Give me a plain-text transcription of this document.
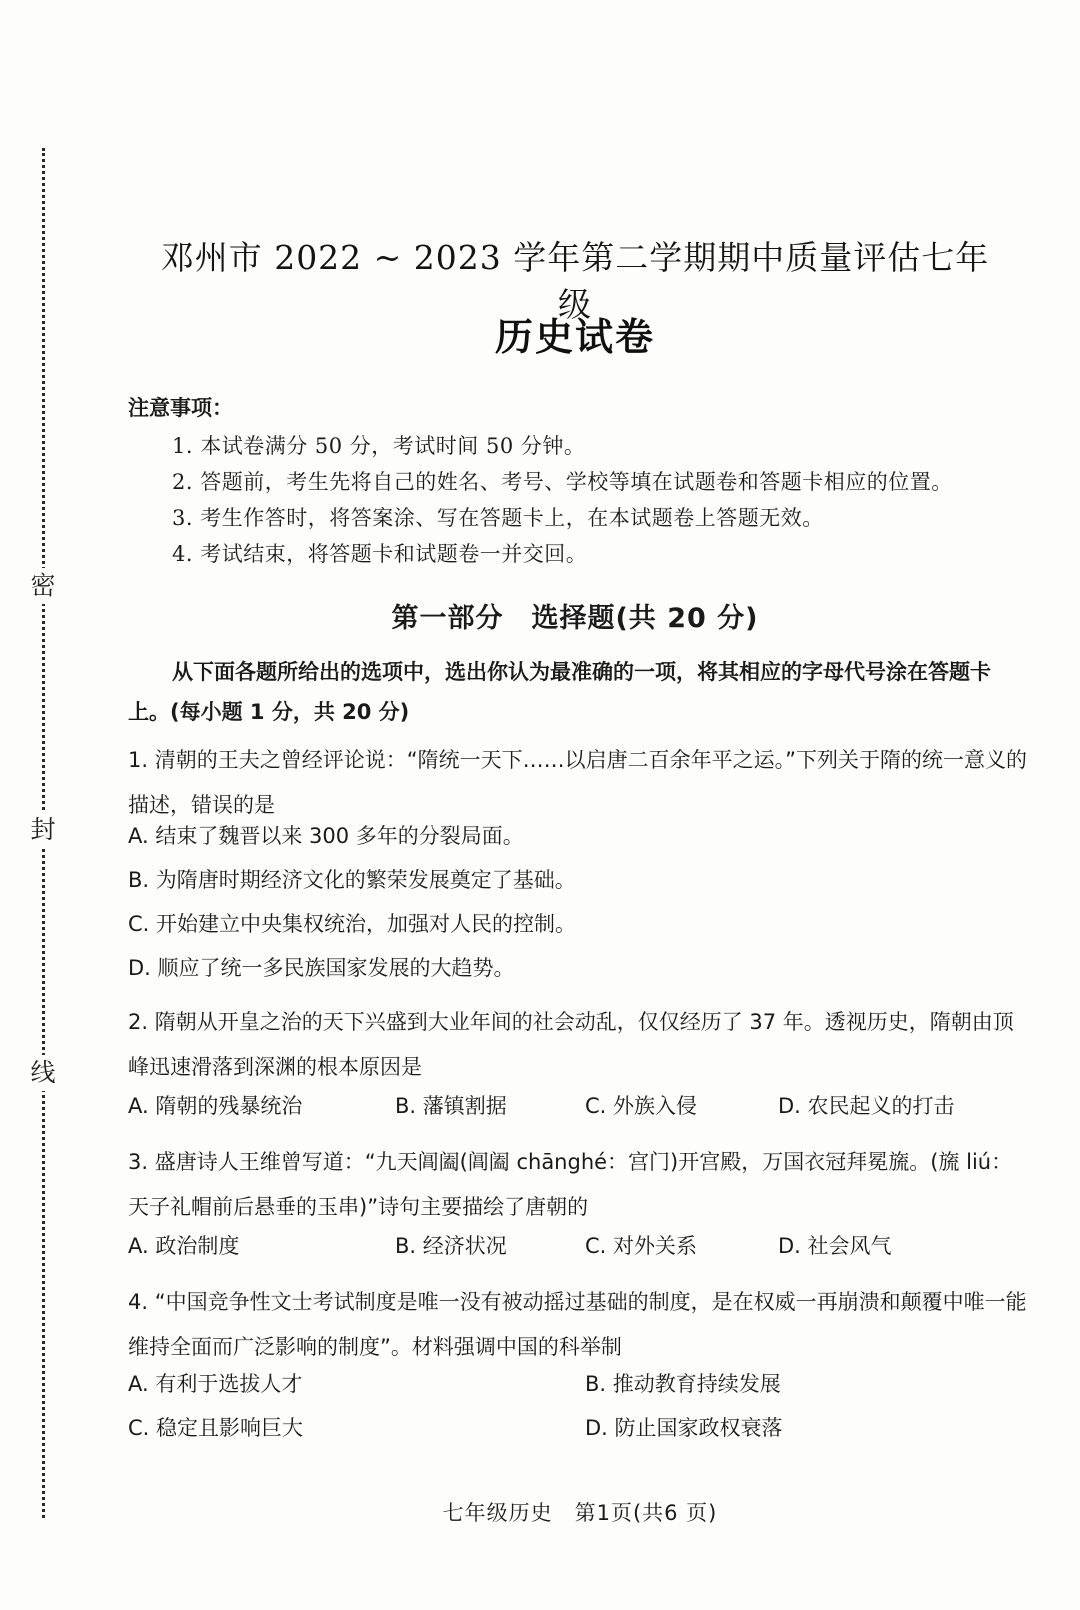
密
封
线
邓州市 2022 ~ 2023 学年第二学期期中质量评估七年级
历史试卷
注意事项：
1. 本试卷满分 50 分，考试时间 50 分钟。
2. 答题前，考生先将自己的姓名、考号、学校等填在试题卷和答题卡相应的位置。
3. 考生作答时，将答案涂、写在答题卡上，在本试题卷上答题无效。
4. 考试结束，将答题卡和试题卷一并交回。
第一部分　选择题(共 20 分)
从下面各题所给出的选项中，选出你认为最准确的一项，将其相应的字母代号涂在答题卡上。(每小题 1 分，共 20 分)
1. 清朝的王夫之曾经评论说：“隋统一天下……以启唐二百余年平之运。”下列关于隋的统一意义的描述，错误的是
A. 结束了魏晋以来 300 多年的分裂局面。
B. 为隋唐时期经济文化的繁荣发展奠定了基础。
C. 开始建立中央集权统治，加强对人民的控制。
D. 顺应了统一多民族国家发展的大趋势。
2. 隋朝从开皇之治的天下兴盛到大业年间的社会动乱，仅仅经历了 37 年。透视历史，隋朝由顶峰迅速滑落到深渊的根本原因是
A. 隋朝的残暴统治	B. 藩镇割据	C. 外族入侵	D. 农民起义的打击
3. 盛唐诗人王维曾写道：“九天阊阖(阊阖 chānghé：宫门)开宫殿，万国衣冠拜冕旒。(旒 liú：天子礼帽前后悬垂的玉串)”诗句主要描绘了唐朝的
A. 政治制度	B. 经济状况	C. 对外关系	D. 社会风气
4. “中国竞争性文士考试制度是唯一没有被动摇过基础的制度，是在权威一再崩溃和颠覆中唯一能维持全面而广泛影响的制度”。材料强调中国的科举制
A. 有利于选拔人才	B. 推动教育持续发展
C. 稳定且影响巨大	D. 防止国家政权衰落
七年级历史　第1页(共6 页)
